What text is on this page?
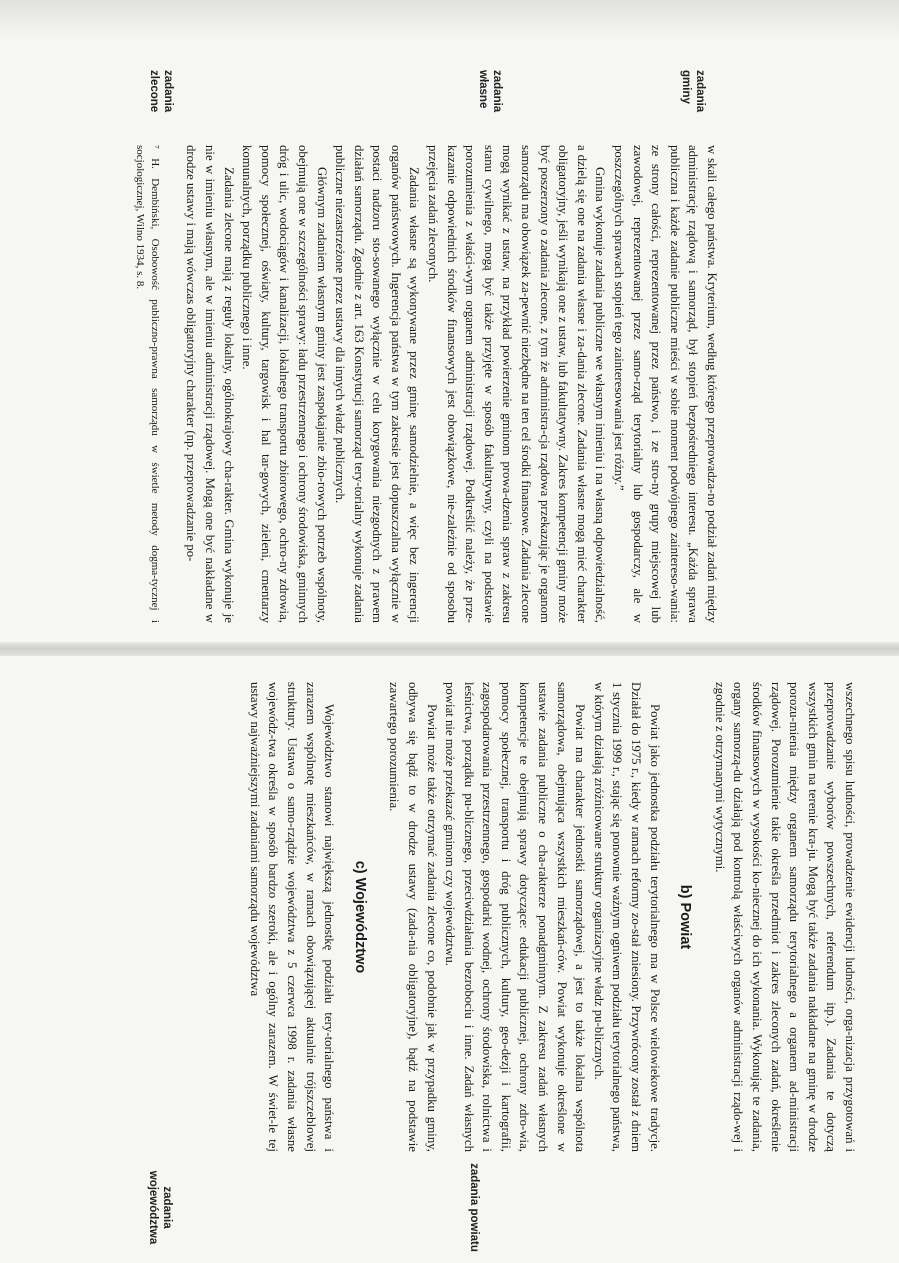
zadania gminy
zadania własne
zadania zlecone

w skali całego państwa. Kryterium, według którego przeprowadza-no podział zadań między administrację rządową i samorząd, był stopień bezpośredniego interesu. „Każda sprawa publiczna i każde zadanie publiczne mieści w sobie moment podwójnego zaintereso-wania: ze strony całości, reprezentowanej przez państwo, i ze stro-ny grupy miejscowej lub zawodowej, reprezentowanej przez samo-rząd terytorialny lub gospodarczy, ale w poszczególnych sprawach stopień tego zainteresowania jest różny.”

Gmina wykonuje zadania publiczne we własnym imieniu i na własną odpowiedzialność, a dzielą się one na zadania własne i za-dania zlecone. Zadania własne mogą mieć charakter obligatoryjny, jeśli wynikają one z ustaw, lub fakultatywny. Zakres kompetencji gminy może być poszerzony o zadania zlecone, z tym że administra-cja rządowa przekazując je organom samorządu ma obowiązek za-pewnić niezbędne na ten cel środki finansowe. Zadania zlecone mogą wynikać z ustaw, na przykład powierzenie gminom prowa-dzenia spraw z zakresu stanu cywilnego, mogą być także przyjęte w sposób fakultatywny, czyli na podstawie porozumienia z właści-wym organem administracji rządowej. Podkreślić należy, że prze-kazanie odpowiednich środków finansowych jest obowiązkowe, nie-zależnie od sposobu przejęcia zadań zleconych.

Zadania własne są wykonywane przez gminę samodzielnie, a więc bez ingerencji organów państwowych. Ingerencja państwa w tym zakresie jest dopuszczalna wyłącznie w postaci nadzoru sto-sowanego wyłącznie w celu korygowania niezgodnych z prawem działań samorządu. Zgodnie z art. 163 Konstytucji samorząd tery-torialny wykonuje zadania publiczne niezastrzeżone przez ustawy dla innych władz publicznych.

Głównym zadaniem własnym gminy jest zaspokajanie zbio-rowych potrzeb wspólnoty, obejmują one w szczególności sprawy: ładu przestrzennego i ochrony środowiska, gminnych dróg i ulic, wodociągów i kanalizacji, lokalnego transportu zbiorowego, ochro-ny zdrowia, pomocy społecznej, oświaty, kultury, targowisk i hal tar-gowych, zieleni, cmentarzy komunalnych, porządku publicznego i inne.

Zadania zlecone mają z reguły lokalny, ogólnokrajowy cha-rakter. Gmina wykonuje je nie w imieniu własnym, ale w imieniu administracji rządowej. Mogą one być nakładane w drodze ustawy i mają wówczas obligatoryjny charakter (np. przeprowadzanie po-

⁷ H. Dembiński, Osobowość publiczno-prawna samorządu w świetle metody dogma-tycznej i socjologicznej, Wilno 1934, s. 8.

wszechnego spisu ludności, prowadzenie ewidencji ludności, orga-nizacja przygotowań i przeprowadzanie wyborów powszechnych, referendum itp.). Zadania te dotyczą wszystkich gmin na terenie kra-ju. Mogą być także zadania nakładane na gminę w drodze porozu-mienia między organem samorządu terytorialnego a organem ad-ministracji rządowej. Porozumienie takie określa przedmiot i zakres zleconych zadań, określenie środków finansowych w wysokości ko-niecznej do ich wykonania. Wykonując te zadania, organy samorzą-du działają pod kontrolą właściwych organów administracji rządo-wej i zgodnie z otrzymanymi wytycznymi.

b) Powiat

Powiat jako jednostka podziału terytorialnego ma w Polsce wielowiekowe tradycje. Działał do 1975 r., kiedy w ramach reformy zo-stał zniesiony. Przywrócony został z dniem 1 stycznia 1999 r., stając się ponownie ważnym ogniwem podziału terytorialnego państwa, w którym działają zróżnicowane struktury organizacyjne władz pu-blicznych.

Powiat ma charakter jednostki samorządowej, a jest to także lokalna wspólnota samorządowa, obejmująca wszystkich mieszkań-ców. Powiat wykonuje określone w ustawie zadania publiczne o cha-rakterze ponadgminnym. Z zakresu zadań własnych kompetencje te obejmują sprawy dotyczące: edukacji publicznej, ochrony zdro-wia, pomocy społecznej, transportu i dróg publicznych, kultury, geo-dezji i kartografii, zagospodarowania przestrzennego, gospodarki wodnej, ochrony środowiska, rolnictwa i leśnictwa, porządku pu-blicznego, przeciwdziałania bezrobociu i inne. Zadań własnych powiat nie może przekazać gminom czy województwu.

Powiat może także otrzymać zadania zlecone co, podobnie jak w przypadku gminy, odbywa się bądź to w drodze ustawy (zada-nia obligatoryjne), bądź na podstawie zawartego porozumienia.

c) Województwo

Województwo stanowi największą jednostkę podziału tery-torialnego państwa i zarazem wspólnotę mieszkańców, w ramach obowiązującej aktualnie trójszczeblowej struktury. Ustawa o samo-rządzie województwa z 5 czerwca 1998 r. zadania własne wojewódz-twa określa w sposób bardzo szeroki, ale i ogólny zarazem. W świet-le tej ustawy najważniejszymi zadaniami samorządu województwa

zadania powiatu
zadania województwa
